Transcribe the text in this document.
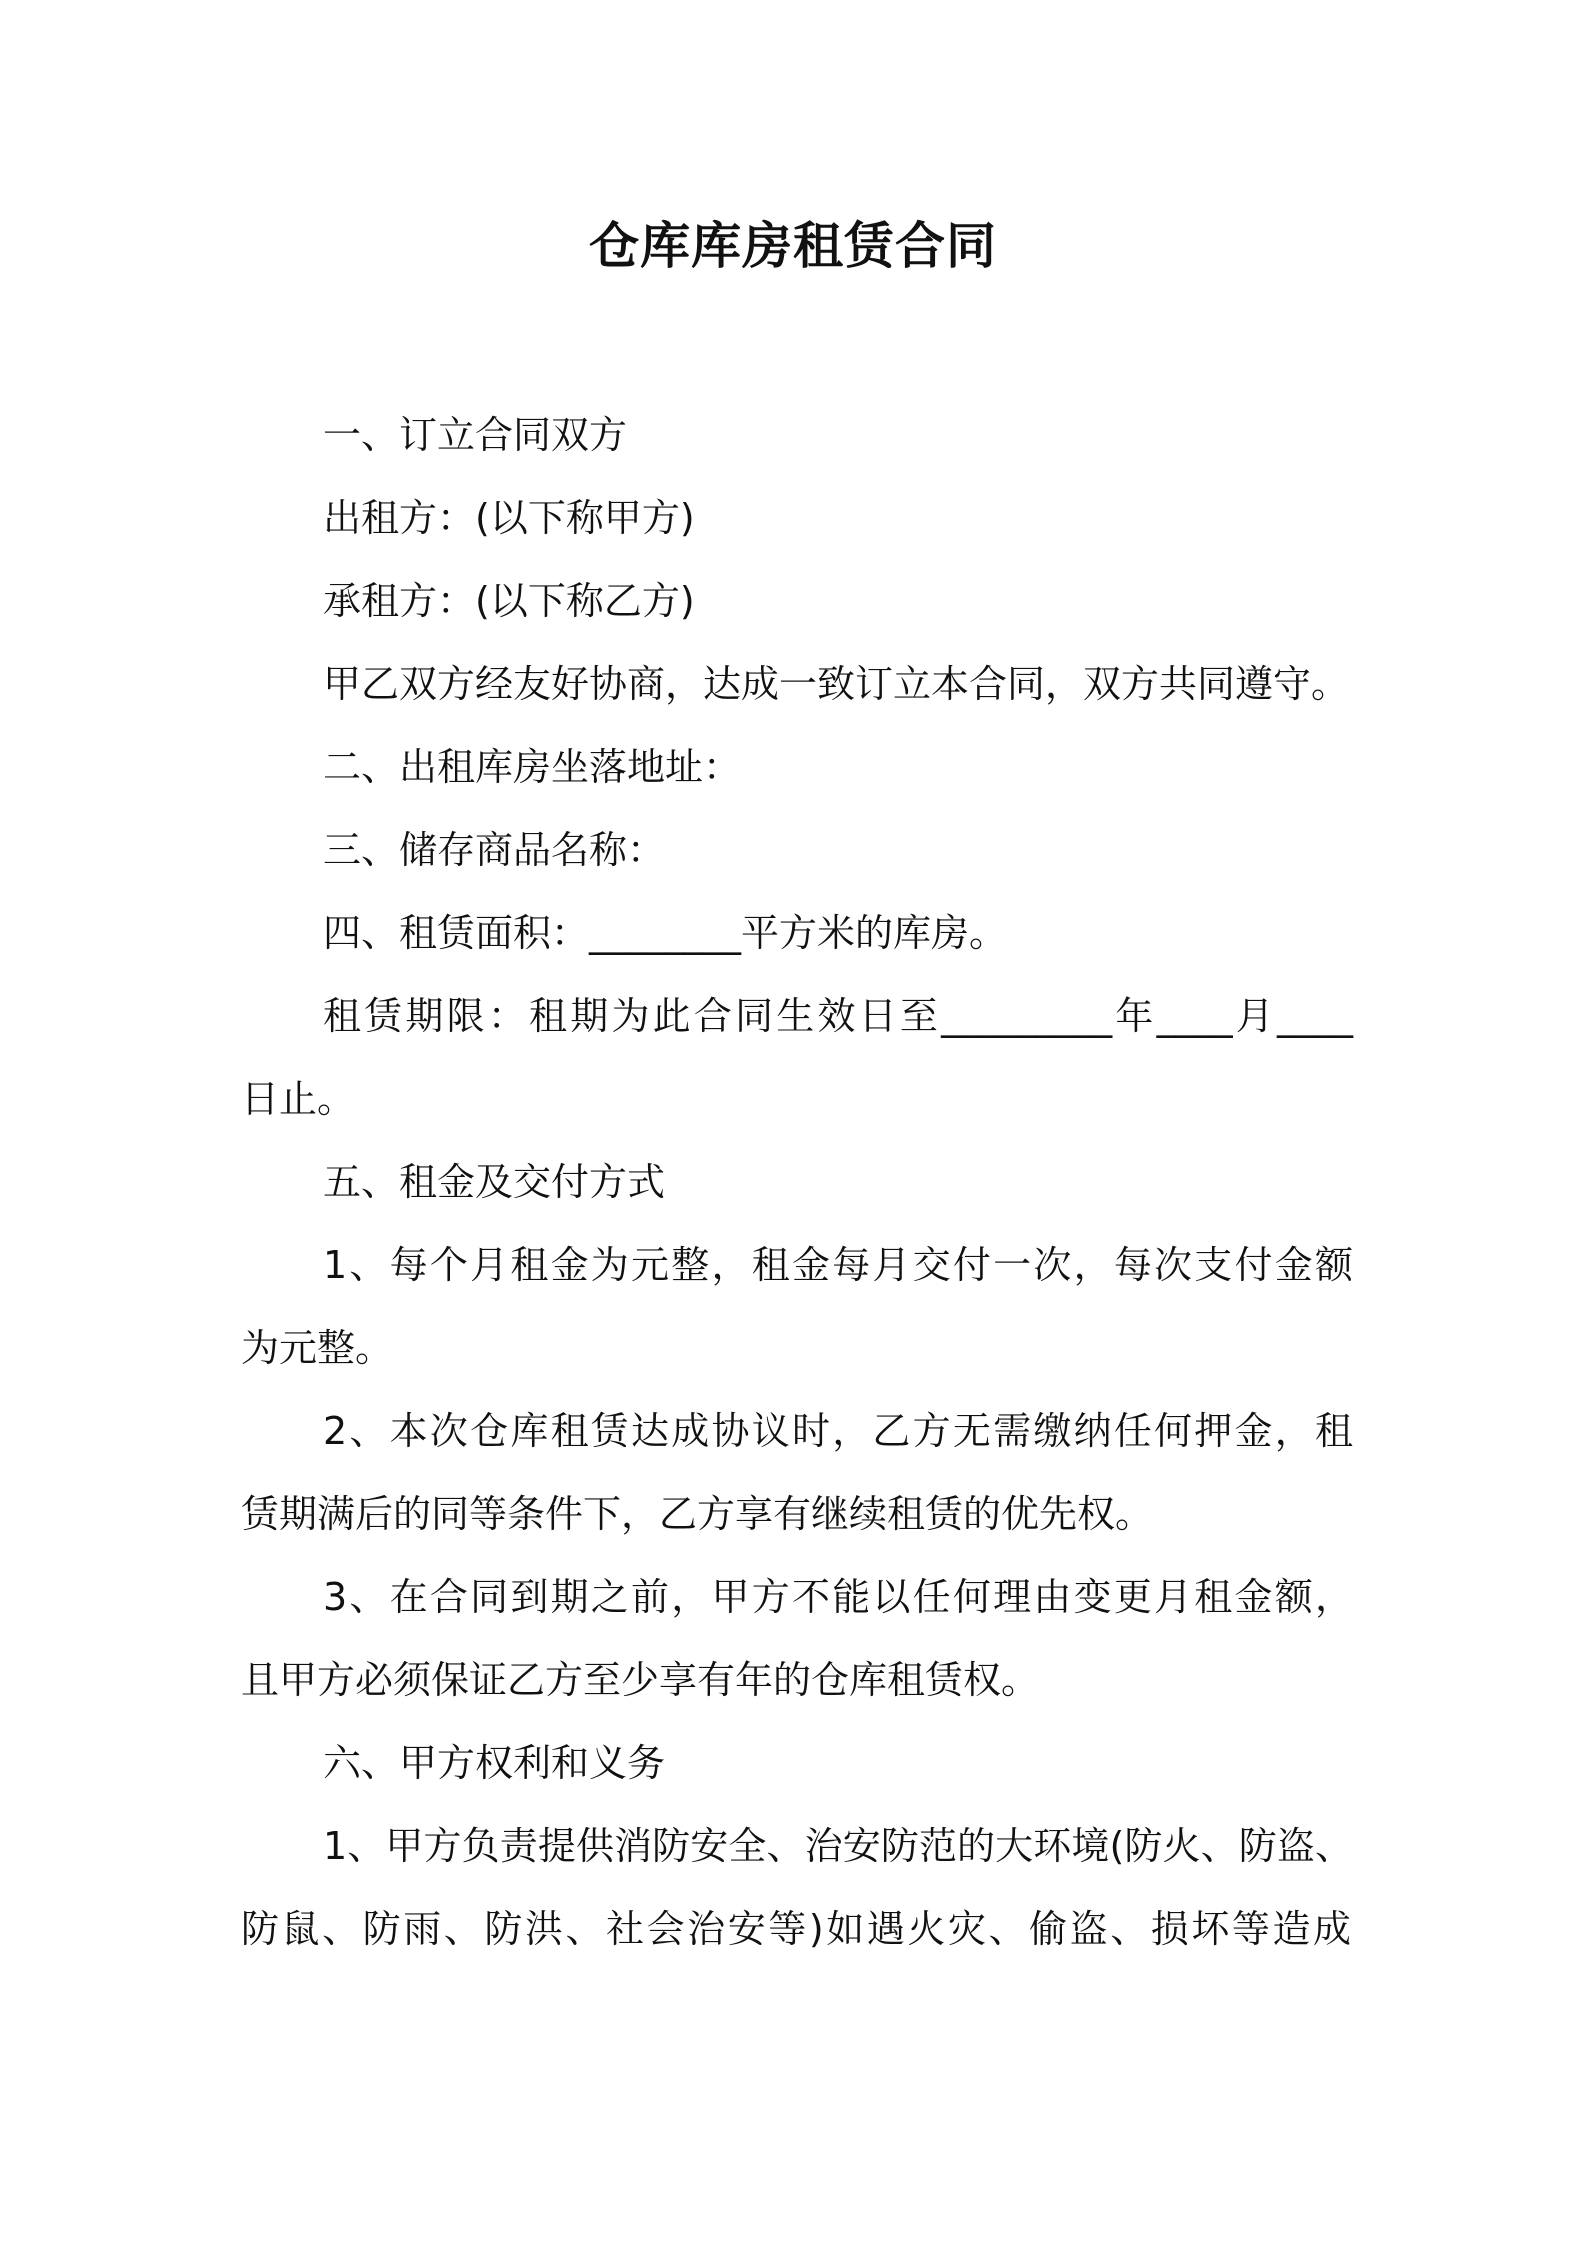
仓库库房租赁合同
一、订立合同双方
出租方：(以下称甲方)
承租方：(以下称乙方)
甲乙双方经友好协商，达成一致订立本合同，双方共同遵守。
二、出租库房坐落地址：
三、储存商品名称：
四、租赁面积：________平方米的库房。
租赁期限：租期为此合同生效日至_________年____月____
日止。
五、租金及交付方式
1、每个月租金为元整，租金每月交付一次，每次支付金额
为元整。
2、本次仓库租赁达成协议时，乙方无需缴纳任何押金，租
赁期满后的同等条件下，乙方享有继续租赁的优先权。
3、在合同到期之前，甲方不能以任何理由变更月租金额，
且甲方必须保证乙方至少享有年的仓库租赁权。
六、甲方权利和义务
1、甲方负责提供消防安全、治安防范的大环境(防火、防盗、
防鼠、防雨、防洪、社会治安等)如遇火灾、偷盗、损坏等造成
